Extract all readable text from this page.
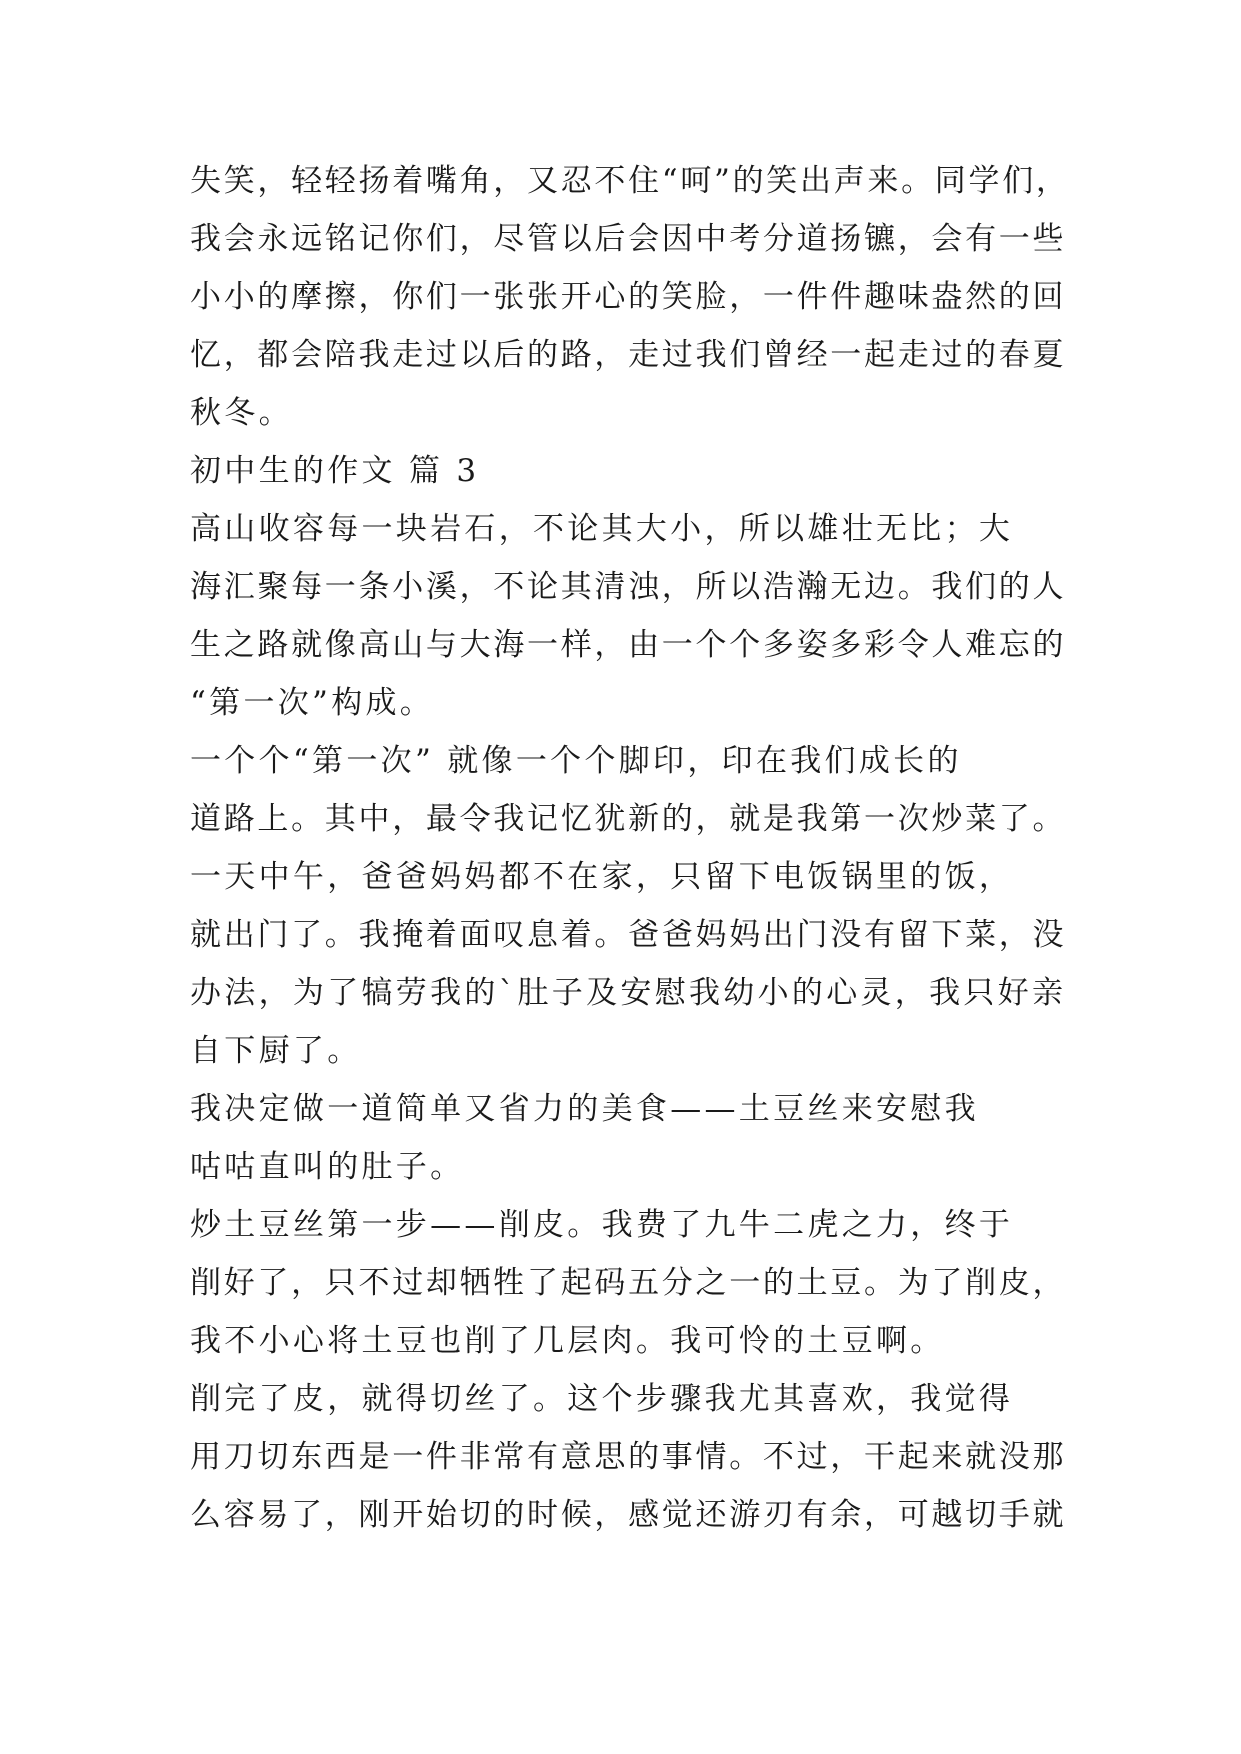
失笑，轻轻扬着嘴角，又忍不住“呵”的笑出声来。同学们，
我会永远铭记你们，尽管以后会因中考分道扬镳，会有一些
小小的摩擦，你们一张张开心的笑脸，一件件趣味盎然的回
忆，都会陪我走过以后的路，走过我们曾经一起走过的春夏
秋冬。
初中生的作文 篇 3
高山收容每一块岩石，不论其大小，所以雄壮无比；大
海汇聚每一条小溪，不论其清浊，所以浩瀚无边。我们的人
生之路就像高山与大海一样，由一个个多姿多彩令人难忘的
“第一次”构成。
一个个“第一次” 就像一个个脚印，印在我们成长的
道路上。其中，最令我记忆犹新的，就是我第一次炒菜了。
一天中午，爸爸妈妈都不在家，只留下电饭锅里的饭，
就出门了。我掩着面叹息着。爸爸妈妈出门没有留下菜，没
办法，为了犒劳我的`肚子及安慰我幼小的心灵，我只好亲
自下厨了。
我决定做一道简单又省力的美食——土豆丝来安慰我
咕咕直叫的肚子。
炒土豆丝第一步——削皮。我费了九牛二虎之力，终于
削好了，只不过却牺牲了起码五分之一的土豆。为了削皮，
我不小心将土豆也削了几层肉。我可怜的土豆啊。
削完了皮，就得切丝了。这个步骤我尤其喜欢，我觉得
用刀切东西是一件非常有意思的事情。不过，干起来就没那
么容易了，刚开始切的时候，感觉还游刃有余，可越切手就
